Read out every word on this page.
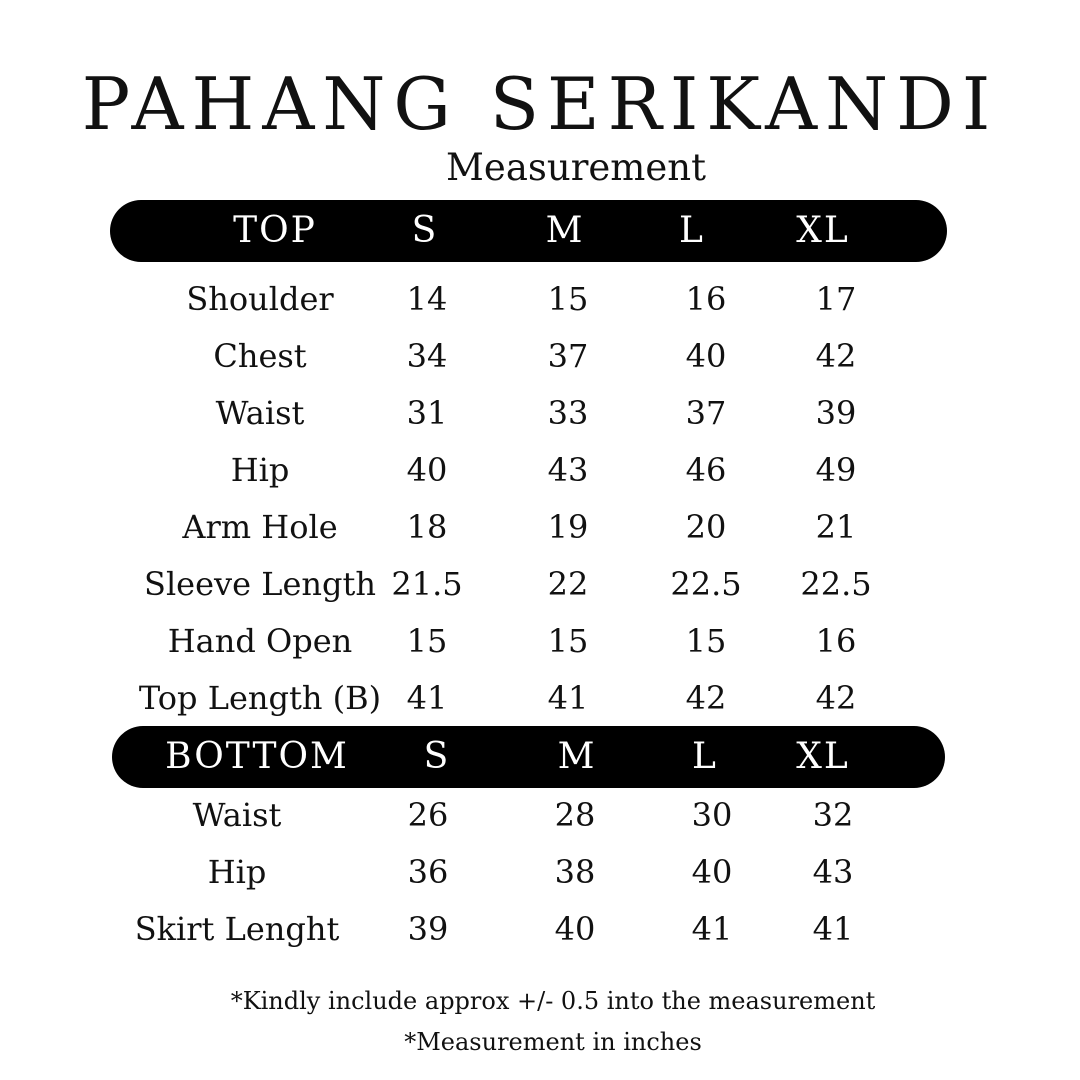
PAHANG SERIKANDI
Measurement
TOP	S	M	L	XL
Shoulder	14	15	16	17
Chest	34	37	40	42
Waist	31	33	37	39
Hip	40	43	46	49
Arm Hole	18	19	20	21
Sleeve Length 21.5	22	22.5	22.5
Hand Open	15	15	15	16
Top Length (B) 41	41	42	42
BOTTOM	S	M	L	XL
Waist	26	28	30	32
Hip	36	38	40	43
Skirt Lenght	39	40	41	41
*Kindly include approx +/- 0.5 into the measurement
*Measurement in inches
